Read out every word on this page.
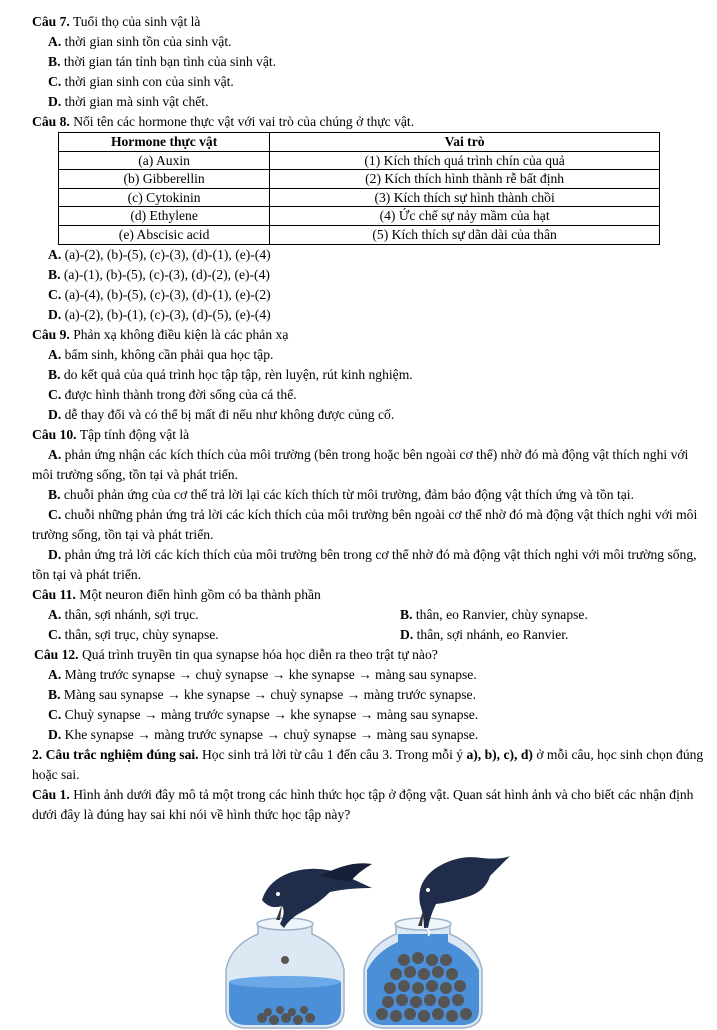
Câu 7. Tuổi thọ của sinh vật là
A. thời gian sinh tồn của sinh vật.
B. thời gian tán tỉnh bạn tình của sinh vật.
C. thời gian sinh con của sinh vật.
D. thời gian mà sinh vật chết.
Câu 8. Nối tên các hormone thực vật với vai trò của chúng ở thực vật.
Hormone thực vật	Vai trò
(a) Auxin	(1) Kích thích quá trình chín của quả
(b) Gibberellin	(2) Kích thích hình thành rễ bất định
(c) Cytokinin	(3) Kích thích sự hình thành chồi
(d) Ethylene	(4) Ức chế sự nảy mầm của hạt
(e) Abscisic acid	(5) Kích thích sự dãn dài của thân
A. (a)-(2), (b)-(5), (c)-(3), (d)-(1), (e)-(4)
B. (a)-(1), (b)-(5), (c)-(3), (d)-(2), (e)-(4)
C. (a)-(4), (b)-(5), (c)-(3), (d)-(1), (e)-(2)
D. (a)-(2), (b)-(1), (c)-(3), (d)-(5), (e)-(4)
Câu 9. Phản xạ không điều kiện là các phản xạ
A. bẩm sinh, không cần phải qua học tập.
B. do kết quả của quá trình học tập tập, rèn luyện, rút kinh nghiệm.
C. được hình thành trong đời sống của cá thể.
D. dễ thay đổi và có thể bị mất đi nếu như không được củng cố.
Câu 10. Tập tính động vật là
A. phản ứng nhận các kích thích của môi trường (bên trong hoặc bên ngoài cơ thể) nhờ đó mà động vật thích nghi với môi trường sống, tồn tại và phát triển.
B. chuỗi phản ứng của cơ thể trả lời lại các kích thích từ môi trường, đảm bảo động vật thích ứng và tồn tại.
C. chuỗi những phản ứng trả lời các kích thích của môi trường bên ngoài cơ thể nhờ đó mà động vật thích nghi với môi trường sống, tồn tại và phát triển.
D. phản ứng trả lời các kích thích của môi trường bên trong cơ thể nhờ đó mà động vật thích nghi với môi trường sống, tồn tại và phát triển.
Câu 11. Một neuron điển hình gồm có ba thành phần
A. thân, sợi nhánh, sợi trục.	B. thân, eo Ranvier, chùy synapse.
C. thân, sợi trục, chùy synapse.	D. thân, sợi nhánh, eo Ranvier.
Câu 12. Quá trình truyền tin qua synapse hóa học diễn ra theo trật tự nào?
A. Màng trước synapse → chuỳ synapse → khe synapse → màng sau synapse.
B. Màng sau synapse → khe synapse → chuỳ synapse → màng trước synapse.
C. Chuỳ synapse → màng trước synapse → khe synapse → màng sau synapse.
D. Khe synapse → màng trước synapse → chuỳ synapse → màng sau synapse.
2. Câu trắc nghiệm đúng sai. Học sinh trả lời từ câu 1 đến câu 3. Trong mỗi ý a), b), c), d) ở mỗi câu, học sinh chọn đúng hoặc sai.
Câu 1. Hình ảnh dưới đây mô tả một trong các hình thức học tập ở động vật. Quan sát hình ảnh và cho biết các nhận định dưới đây là đúng hay sai khi nói về hình thức học tập này?
